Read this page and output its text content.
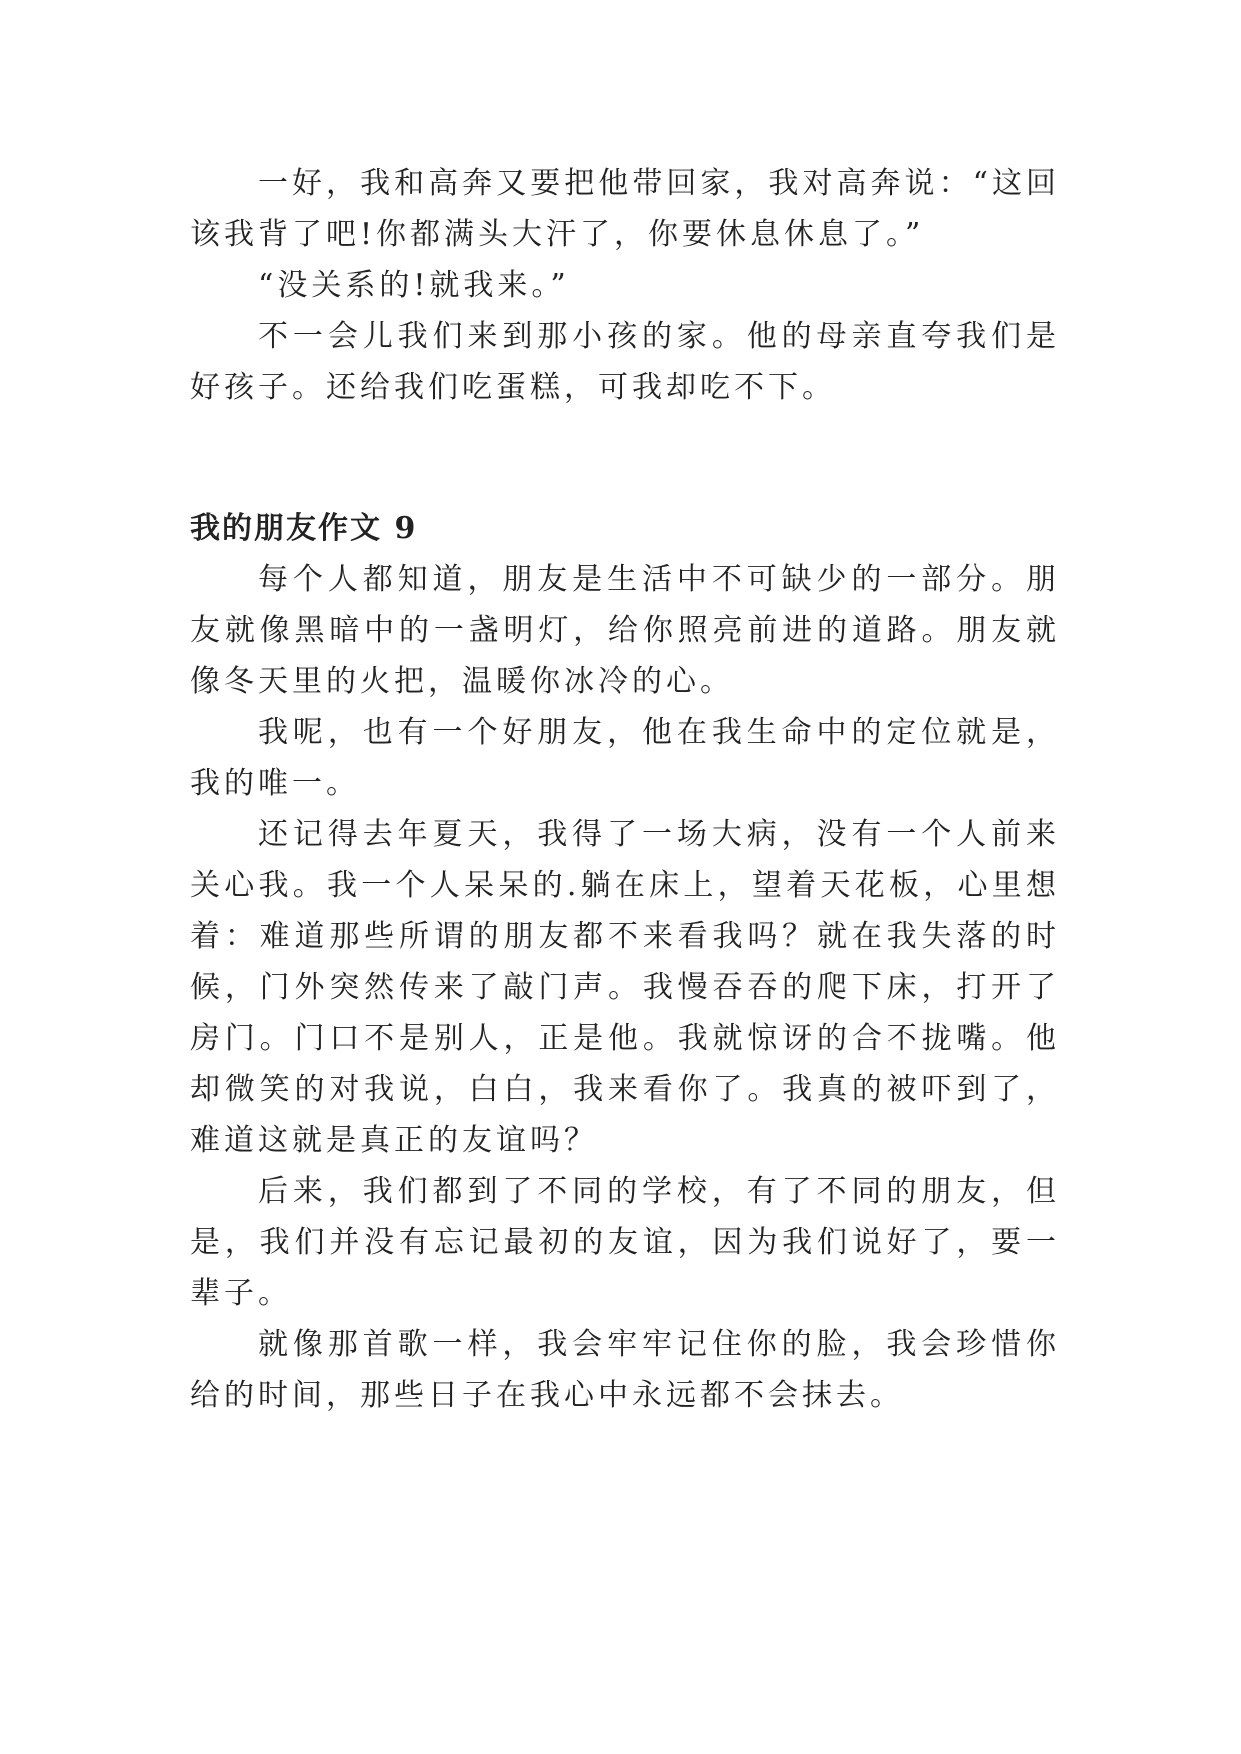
一好，我和高奔又要把他带回家，我对高奔说：“这回该我背了吧!你都满头大汗了，你要休息休息了。”

“没关系的!就我来。”

不一会儿我们来到那小孩的家。他的母亲直夸我们是好孩子。还给我们吃蛋糕，可我却吃不下。

我的朋友作文 9

每个人都知道，朋友是生活中不可缺少的一部分。朋友就像黑暗中的一盏明灯，给你照亮前进的道路。朋友就像冬天里的火把，温暖你冰冷的心。

我呢，也有一个好朋友，他在我生命中的定位就是，我的唯一。

还记得去年夏天，我得了一场大病，没有一个人前来关心我。我一个人呆呆的.躺在床上，望着天花板，心里想着：难道那些所谓的朋友都不来看我吗？就在我失落的时候，门外突然传来了敲门声。我慢吞吞的爬下床，打开了房门。门口不是别人，正是他。我就惊讶的合不拢嘴。他却微笑的对我说，白白，我来看你了。我真的被吓到了，难道这就是真正的友谊吗？

后来，我们都到了不同的学校，有了不同的朋友，但是，我们并没有忘记最初的友谊，因为我们说好了，要一辈子。

就像那首歌一样，我会牢牢记住你的脸，我会珍惜你给的时间，那些日子在我心中永远都不会抹去。
